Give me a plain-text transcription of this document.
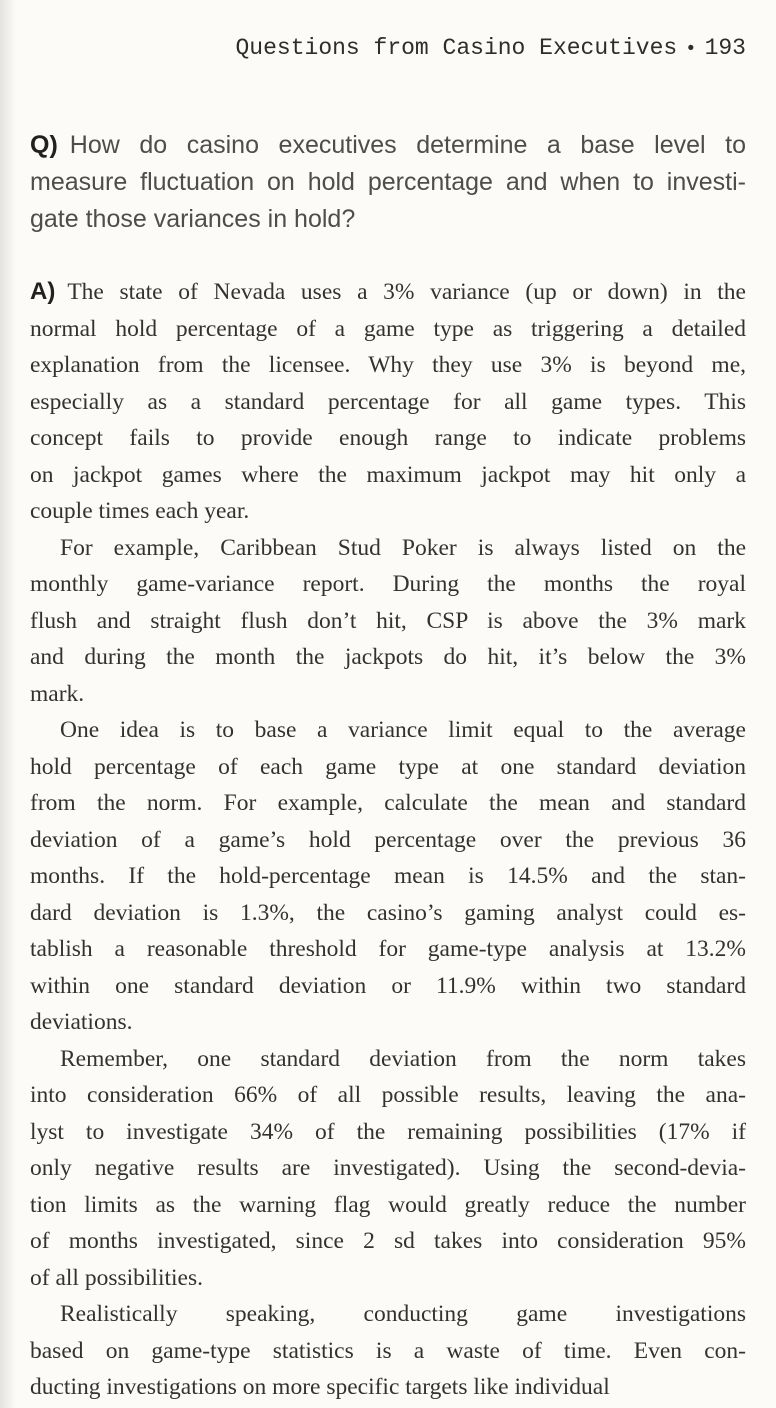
Questions from Casino Executives • 193
Q) How do casino executives determine a base level to
measure fluctuation on hold percentage and when to investi-
gate those variances in hold?
A) The state of Nevada uses a 3% variance (up or down) in the
normal hold percentage of a game type as triggering a detailed
explanation from the licensee. Why they use 3% is beyond me,
especially as a standard percentage for all game types. This
concept fails to provide enough range to indicate problems
on jackpot games where the maximum jackpot may hit only a
couple times each year.
For example, Caribbean Stud Poker is always listed on the
monthly game-variance report. During the months the royal
flush and straight flush don’t hit, CSP is above the 3% mark
and during the month the jackpots do hit, it’s below the 3%
mark.
One idea is to base a variance limit equal to the average
hold percentage of each game type at one standard deviation
from the norm. For example, calculate the mean and standard
deviation of a game’s hold percentage over the previous 36
months. If the hold-percentage mean is 14.5% and the stan-
dard deviation is 1.3%, the casino’s gaming analyst could es-
tablish a reasonable threshold for game-type analysis at 13.2%
within one standard deviation or 11.9% within two standard
deviations.
Remember, one standard deviation from the norm takes
into consideration 66% of all possible results, leaving the ana-
lyst to investigate 34% of the remaining possibilities (17% if
only negative results are investigated). Using the second-devia-
tion limits as the warning flag would greatly reduce the number
of months investigated, since 2 sd takes into consideration 95%
of all possibilities.
Realistically speaking, conducting game investigations
based on game-type statistics is a waste of time. Even con-
ducting investigations on more specific targets like individual
